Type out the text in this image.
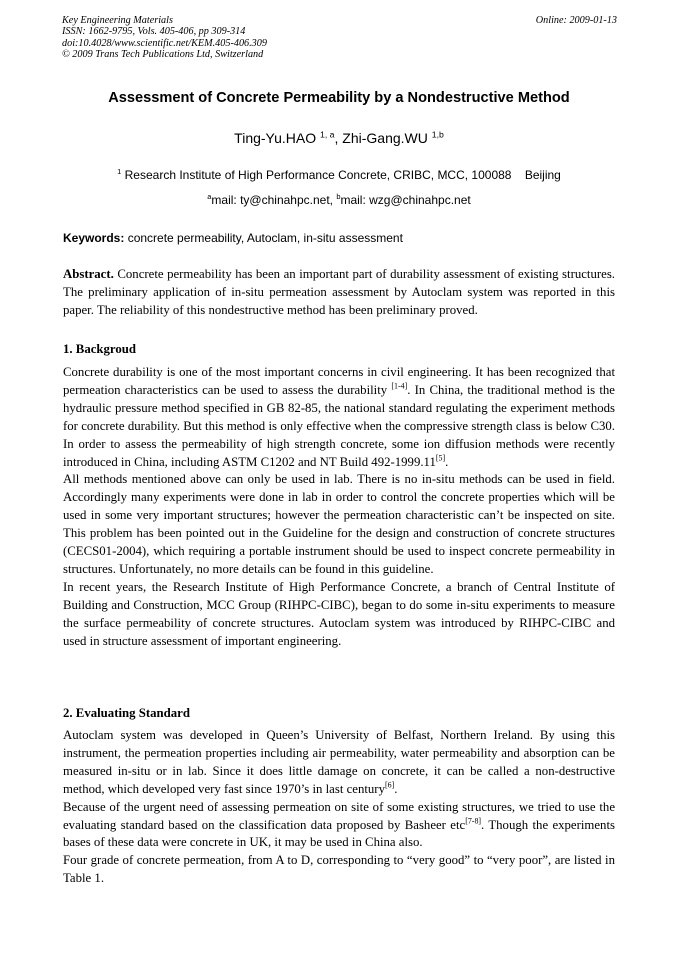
Key Engineering Materials
ISSN: 1662-9795, Vols. 405-406, pp 309-314
doi:10.4028/www.scientific.net/KEM.405-406.309
© 2009 Trans Tech Publications Ltd, Switzerland
Online: 2009-01-13
Assessment of Concrete Permeability by a Nondestructive Method
Ting-Yu.HAO $^{1, a}$, Zhi-Gang.WU $^{1,b}$
$^1$ Research Institute of High Performance Concrete, CRIBC, MCC, 100088    Beijing
$^a$mail: ty@chinahpc.net, $^b$mail: wzg@chinahpc.net
Keywords: concrete permeability, Autoclam, in-situ assessment

Abstract. Concrete permeability has been an important part of durability assessment of existing structures. The preliminary application of in-situ permeation assessment by Autoclam system was reported in this paper. The reliability of this nondestructive method has been preliminary proved.

1. Backgroud

Concrete durability is one of the most important concerns in civil engineering. It has been recognized that permeation characteristics can be used to assess the durability [1-4]. In China, the traditional method is the hydraulic pressure method specified in GB 82-85, the national standard regulating the experiment methods for concrete durability. But this method is only effective when the compressive strength class is below C30. In order to assess the permeability of high strength concrete, some ion diffusion methods were recently introduced in China, including ASTM C1202 and NT Build 492-1999.11[5].

All methods mentioned above can only be used in lab. There is no in-situ methods can be used in field. Accordingly many experiments were done in lab in order to control the concrete properties which will be used in some very important structures; however the permeation characteristic can’t be inspected on site. This problem has been pointed out in the Guideline for the design and construction of concrete structures (CECS01-2004), which requiring a portable instrument should be used to inspect concrete permeability in structures. Unfortunately, no more details can be found in this guideline.

In recent years, the Research Institute of High Performance Concrete, a branch of Central Institute of Building and Construction, MCC Group (RIHPC-CIBC), began to do some in-situ experiments to measure the surface permeability of concrete structures. Autoclam system was introduced by RIHPC-CIBC and used in structure assessment of important engineering.

2. Evaluating Standard

Autoclam system was developed in Queen’s University of Belfast, Northern Ireland. By using this instrument, the permeation properties including air permeability, water permeability and absorption can be measured in-situ or in lab. Since it does little damage on concrete, it can be called a non-destructive method, which developed very fast since 1970’s in last century[6].

Because of the urgent need of assessing permeation on site of some existing structures, we tried to use the evaluating standard based on the classification data proposed by Basheer etc[7-8]. Though the experiments bases of these data were concrete in UK, it may be used in China also.

Four grade of concrete permeation, from A to D, corresponding to “very good” to “very poor”, are listed in Table 1.
